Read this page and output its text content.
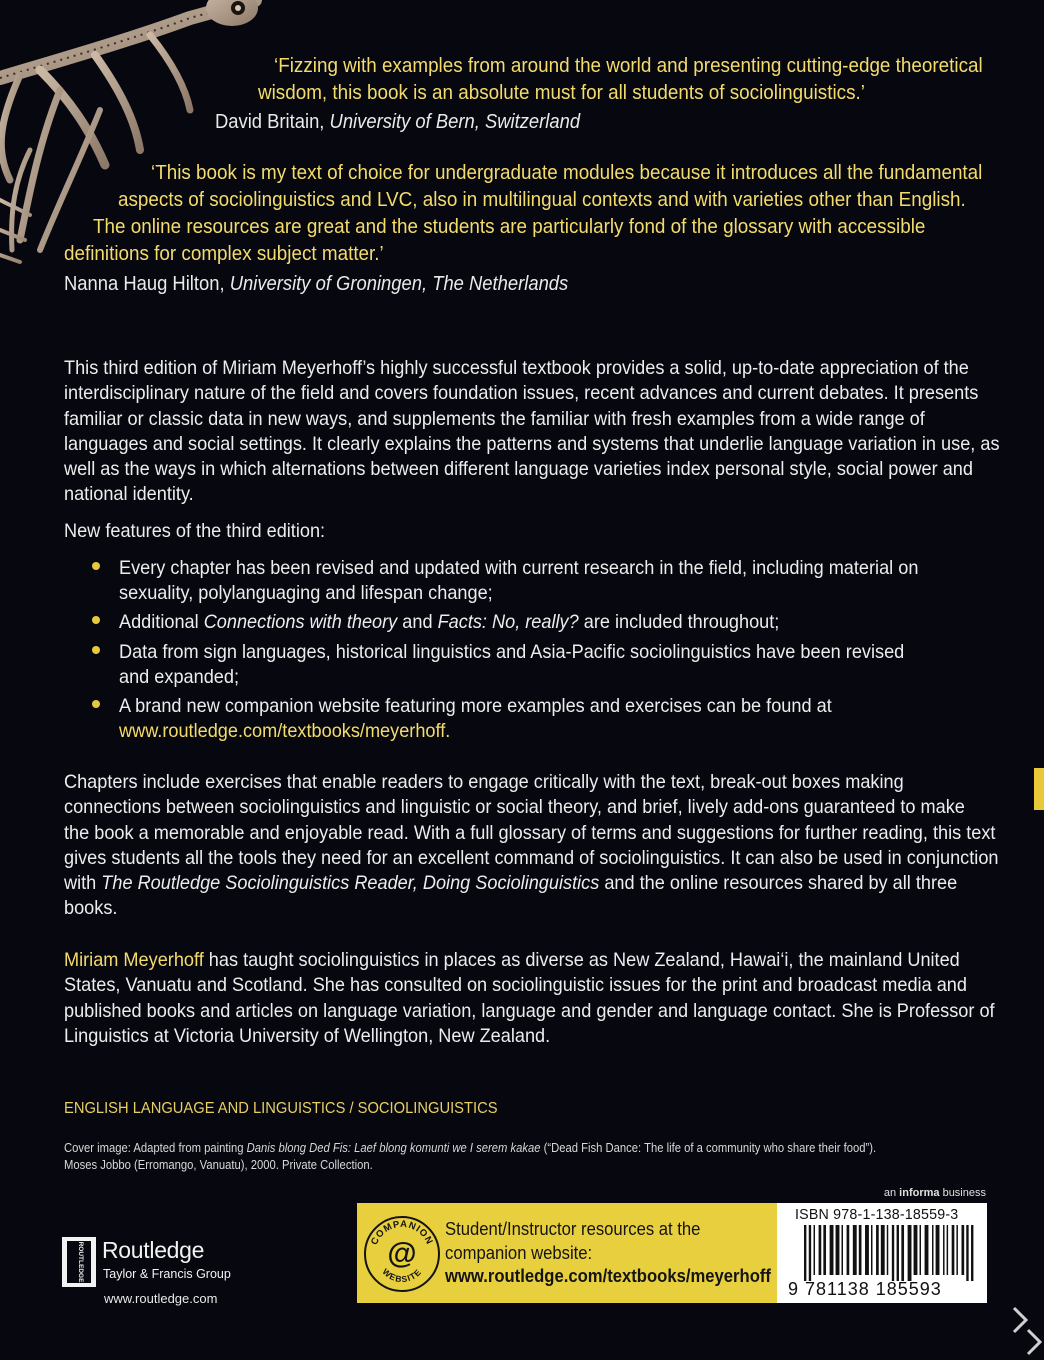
‘Fizzing with examples from around the world and presenting cutting-edge theoretical
wisdom, this book is an absolute must for all students of sociolinguistics.’
David Britain, University of Bern, Switzerland
‘This book is my text of choice for undergraduate modules because it introduces all the fundamental
aspects of sociolinguistics and LVC, also in multilingual contexts and with varieties other than English.
The online resources are great and the students are particularly fond of the glossary with accessible
definitions for complex subject matter.’
Nanna Haug Hilton, University of Groningen, The Netherlands
This third edition of Miriam Meyerhoff’s highly successful textbook provides a solid, up-to-date appreciation of the
interdisciplinary nature of the field and covers foundation issues, recent advances and current debates. It presents
familiar or classic data in new ways, and supplements the familiar with fresh examples from a wide range of
languages and social settings. It clearly explains the patterns and systems that underlie language variation in use, as
well as the ways in which alternations between different language varieties index personal style, social power and
national identity.
New features of the third edition:
Every chapter has been revised and updated with current research in the field, including material on
sexuality, polylanguaging and lifespan change;
Additional Connections with theory and Facts: No, really? are included throughout;
Data from sign languages, historical linguistics and Asia-Pacific sociolinguistics have been revised
and expanded;
A brand new companion website featuring more examples and exercises can be found at
www.routledge.com/textbooks/meyerhoff.
Chapters include exercises that enable readers to engage critically with the text, break-out boxes making
connections between sociolinguistics and linguistic or social theory, and brief, lively add-ons guaranteed to make
the book a memorable and enjoyable read. With a full glossary of terms and suggestions for further reading, this text
gives students all the tools they need for an excellent command of sociolinguistics. It can also be used in conjunction
with The Routledge Sociolinguistics Reader, Doing Sociolinguistics and the online resources shared by all three
books.
Miriam Meyerhoff has taught sociolinguistics in places as diverse as New Zealand, Hawai‘i, the mainland United
States, Vanuatu and Scotland. She has consulted on sociolinguistic issues for the print and broadcast media and
published books and articles on language variation, language and gender and language contact. She is Professor of
Linguistics at Victoria University of Wellington, New Zealand.
ENGLISH LANGUAGE AND LINGUISTICS / SOCIOLINGUISTICS
Cover image: Adapted from painting Danis blong Ded Fis: Laef blong komunti we I serem kakae (“Dead Fish Dance: The life of a community who share their food”).
Moses Jobbo (Erromango, Vanuatu), 2000. Private Collection.
an informa business
ROUTLEDGE Routledge
Taylor & Francis Group
www.routledge.com
COMPANION
WEBSITE
@
Student/Instructor resources at the
companion website:
www.routledge.com/textbooks/meyerhoff
ISBN 978-1-138-18559-3
9 781138 185593
